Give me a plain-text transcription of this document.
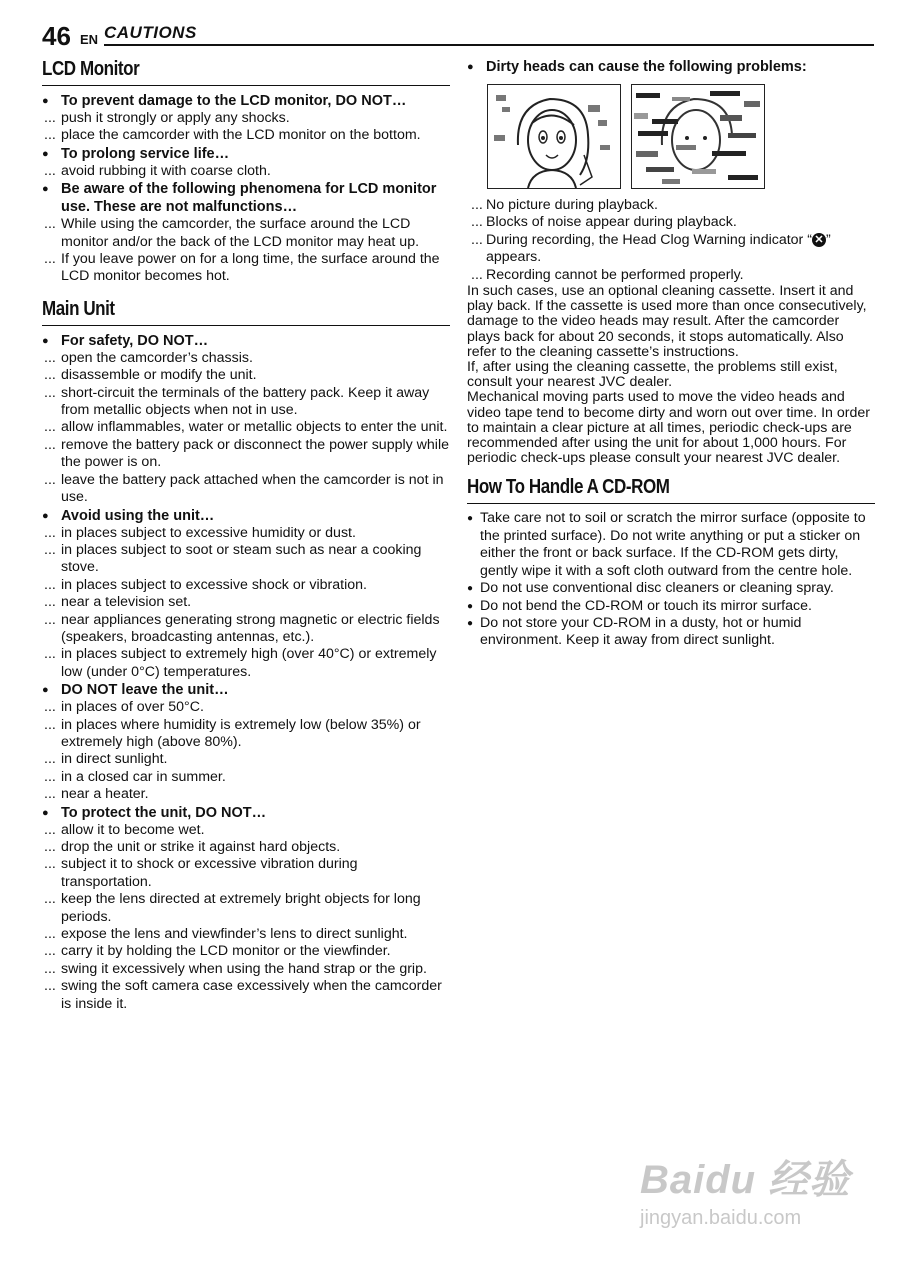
46 EN CAUTIONS
LCD Monitor
● To prevent damage to the LCD monitor, DO NOT…
... push it strongly or apply any shocks.
... place the camcorder with the LCD monitor on the bottom.
● To prolong service life…
... avoid rubbing it with coarse cloth.
● Be aware of the following phenomena for LCD monitor use. These are not malfunctions…
... While using the camcorder, the surface around the LCD monitor and/or the back of the LCD monitor may heat up.
... If you leave power on for a long time, the surface around the LCD monitor becomes hot.
Main Unit
● For safety, DO NOT…
... open the camcorder’s chassis.
... disassemble or modify the unit.
... short-circuit the terminals of the battery pack. Keep it away from metallic objects when not in use.
... allow inflammables, water or metallic objects to enter the unit.
... remove the battery pack or disconnect the power supply while the power is on.
... leave the battery pack attached when the camcorder is not in use.
● Avoid using the unit…
... in places subject to excessive humidity or dust.
... in places subject to soot or steam such as near a cooking stove.
... in places subject to excessive shock or vibration.
... near a television set.
... near appliances generating strong magnetic or electric fields (speakers, broadcasting antennas, etc.).
... in places subject to extremely high (over 40°C) or extremely low (under 0°C) temperatures.
● DO NOT leave the unit…
... in places of over 50°C.
... in places where humidity is extremely low (below 35%) or extremely high (above 80%).
... in direct sunlight.
... in a closed car in summer.
... near a heater.
● To protect the unit, DO NOT…
... allow it to become wet.
... drop the unit or strike it against hard objects.
... subject it to shock or excessive vibration during transportation.
... keep the lens directed at extremely bright objects for long periods.
... expose the lens and viewfinder’s lens to direct sunlight.
... carry it by holding the LCD monitor or the viewfinder.
... swing it excessively when using the hand strap or the grip.
... swing the soft camera case excessively when the camcorder is inside it.
● Dirty heads can cause the following problems:
... No picture during playback.
... Blocks of noise appear during playback.
... During recording, the Head Clog Warning indicator “ ✕ ” appears.
... Recording cannot be performed properly.
In such cases, use an optional cleaning cassette. Insert it and play back. If the cassette is used more than once consecutively, damage to the video heads may result. After the camcorder plays back for about 20 seconds, it stops automatically. Also refer to the cleaning cassette’s instructions.
If, after using the cleaning cassette, the problems still exist, consult your nearest JVC dealer.
Mechanical moving parts used to move the video heads and video tape tend to become dirty and worn out over time. In order to maintain a clear picture at all times, periodic check-ups are recommended after using the unit for about 1,000 hours. For periodic check-ups please consult your nearest JVC dealer.
How To Handle A CD-ROM
● Take care not to soil or scratch the mirror surface (opposite to the printed surface). Do not write anything or put a sticker on either the front or back surface. If the CD-ROM gets dirty, gently wipe it with a soft cloth outward from the centre hole.
● Do not use conventional disc cleaners or cleaning spray.
● Do not bend the CD-ROM or touch its mirror surface.
● Do not store your CD-ROM in a dusty, hot or humid environment. Keep it away from direct sunlight.
Baidu 经验
jingyan.baidu.com
